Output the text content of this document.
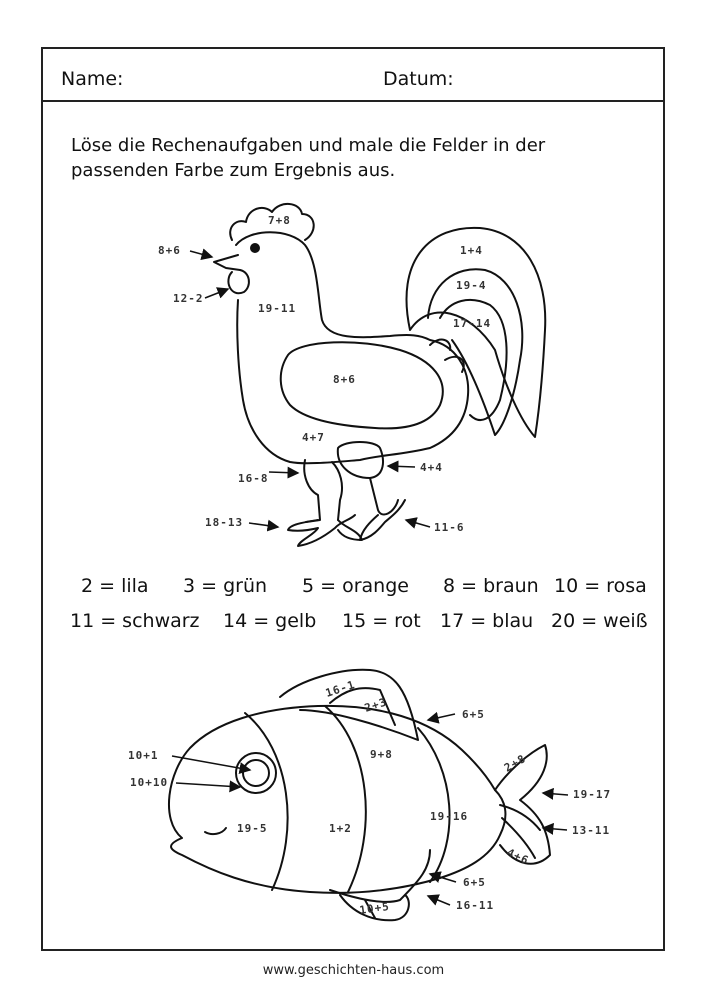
Name:	Datum:
Löse die Rechenaufgaben und male die Felder in der
passenden Farbe zum Ergebnis aus.
2 = lila 3 = grün 5 = orange 8 = braun 10 = rosa
11 = schwarz 14 = gelb 15 = rot 17 = blau 20 = weiß
7+8
8+6
12-2
19-11
1+4
19-4
17-14
8+6
4+7
16-8
4+4
18-13	11-6
16-1
2+3	6+5
10+1
10+10
19-5	1+2
9+8
19-16
2+8
19-17
13-11
4+6
6+5
10+5	16-11
www.geschichten-haus.com
